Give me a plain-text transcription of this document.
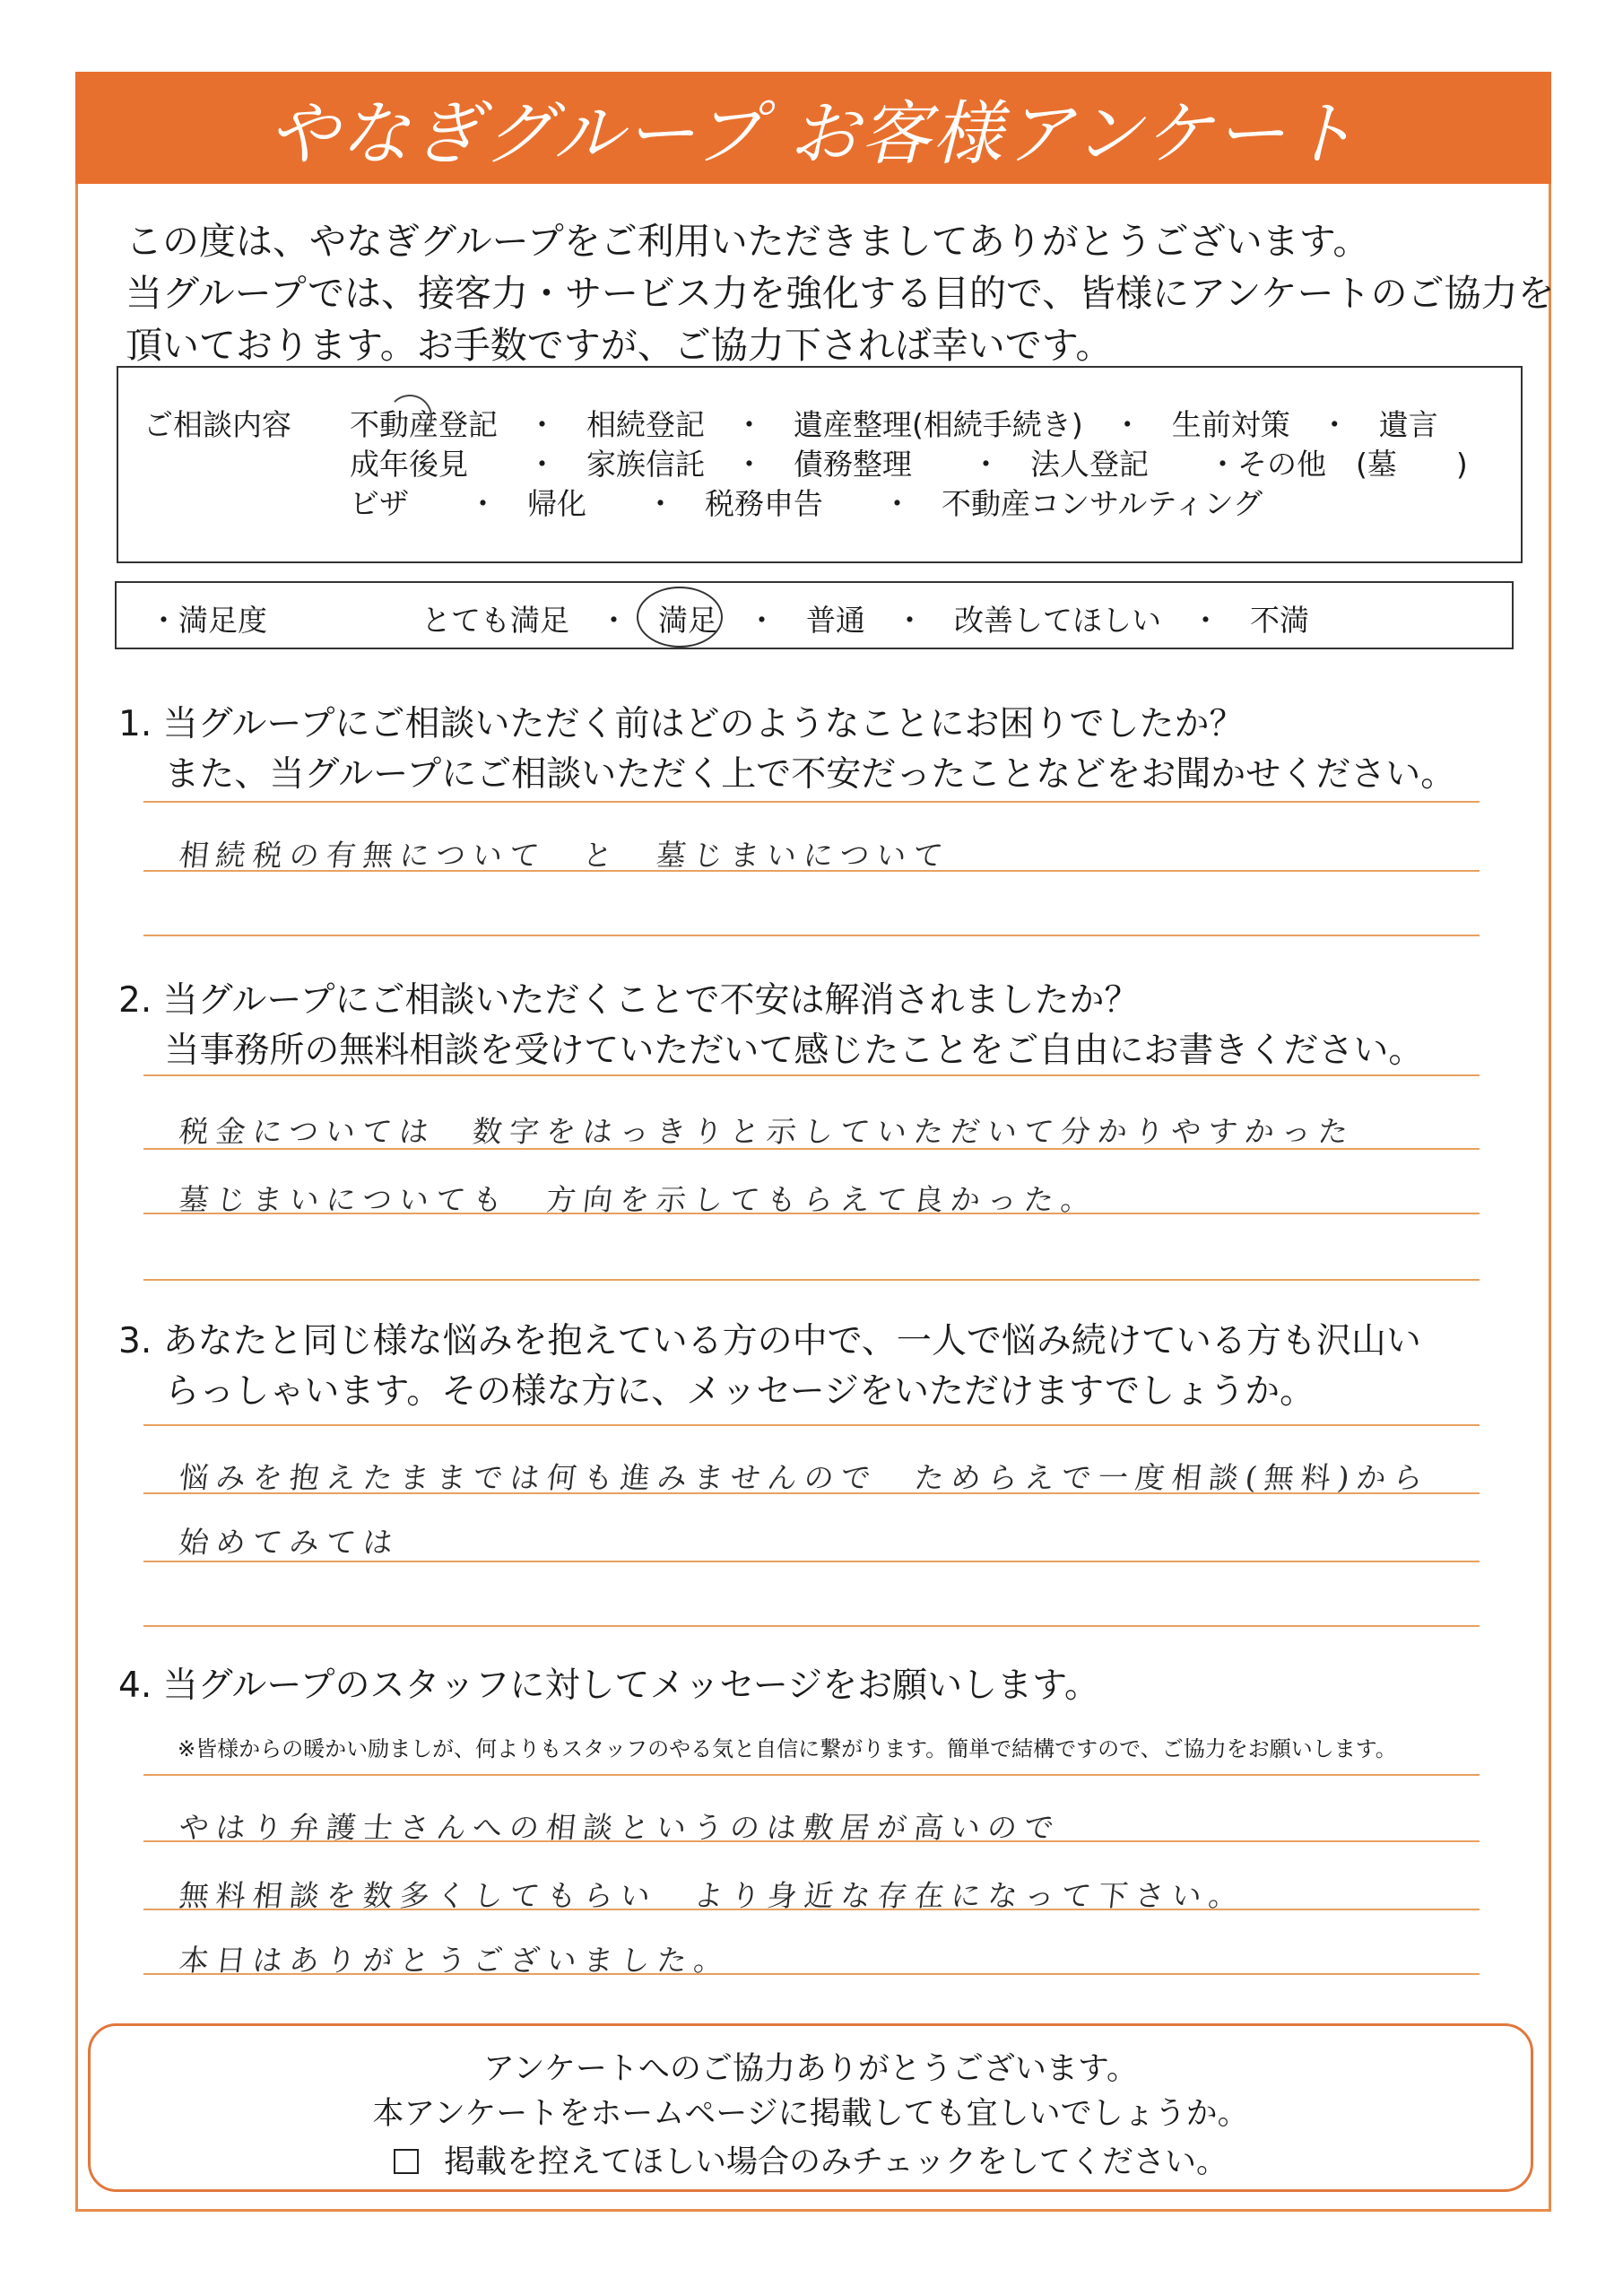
やなぎグループ お客様アンケート
この度は、やなぎグループをご利用いただきましてありがとうございます。
当グループでは、接客力・サービス力を強化する目的で、皆様にアンケートのご協力を
頂いております。お手数ですが、ご協力下されば幸いです。
ご相談内容 不動産登記　・　相続登記　・　遺産整理(相続手続き)　・　生前対策　・　遺言
成年後見　　・　家族信託　・　債務整理　　・　法人登記　　・その他　(墓　　 )
ビザ　　・　帰化　　・　税務申告　　・　不動産コンサルティング
・満足度	とても満足　・　満足　・　普通　・　改善してほしい　・　不満
1. 当グループにご相談いただく前はどのようなことにお困りでしたか？
　 また、当グループにご相談いただく上で不安だったことなどをお聞かせください。
相続税の有無について　と　墓じまいについて
2. 当グループにご相談いただくことで不安は解消されましたか？
　 当事務所の無料相談を受けていただいて感じたことをご自由にお書きください。
税金については　数字をはっきりと示していただいて分かりやすかった
墓じまいについても　方向を示してもらえて良かった。
3. あなたと同じ様な悩みを抱えている方の中で、一人で悩み続けている方も沢山い
　 らっしゃいます。その様な方に、メッセージをいただけますでしょうか。
悩みを抱えたままでは何も進みませんので　ためらえで一度相談(無料)から
始めてみては
4. 当グループのスタッフに対してメッセージをお願いします。
※皆様からの暖かい励ましが、何よりもスタッフのやる気と自信に繋がります。簡単で結構ですので、ご協力をお願いします。
やはり弁護士さんへの相談というのは敷居が高いので
無料相談を数多くしてもらい　より身近な存在になって下さい。
本日はありがとうございました。
アンケートへのご協力ありがとうございます。
本アンケートをホームページに掲載しても宜しいでしょうか。
掲載を控えてほしい場合のみチェックをしてください。
